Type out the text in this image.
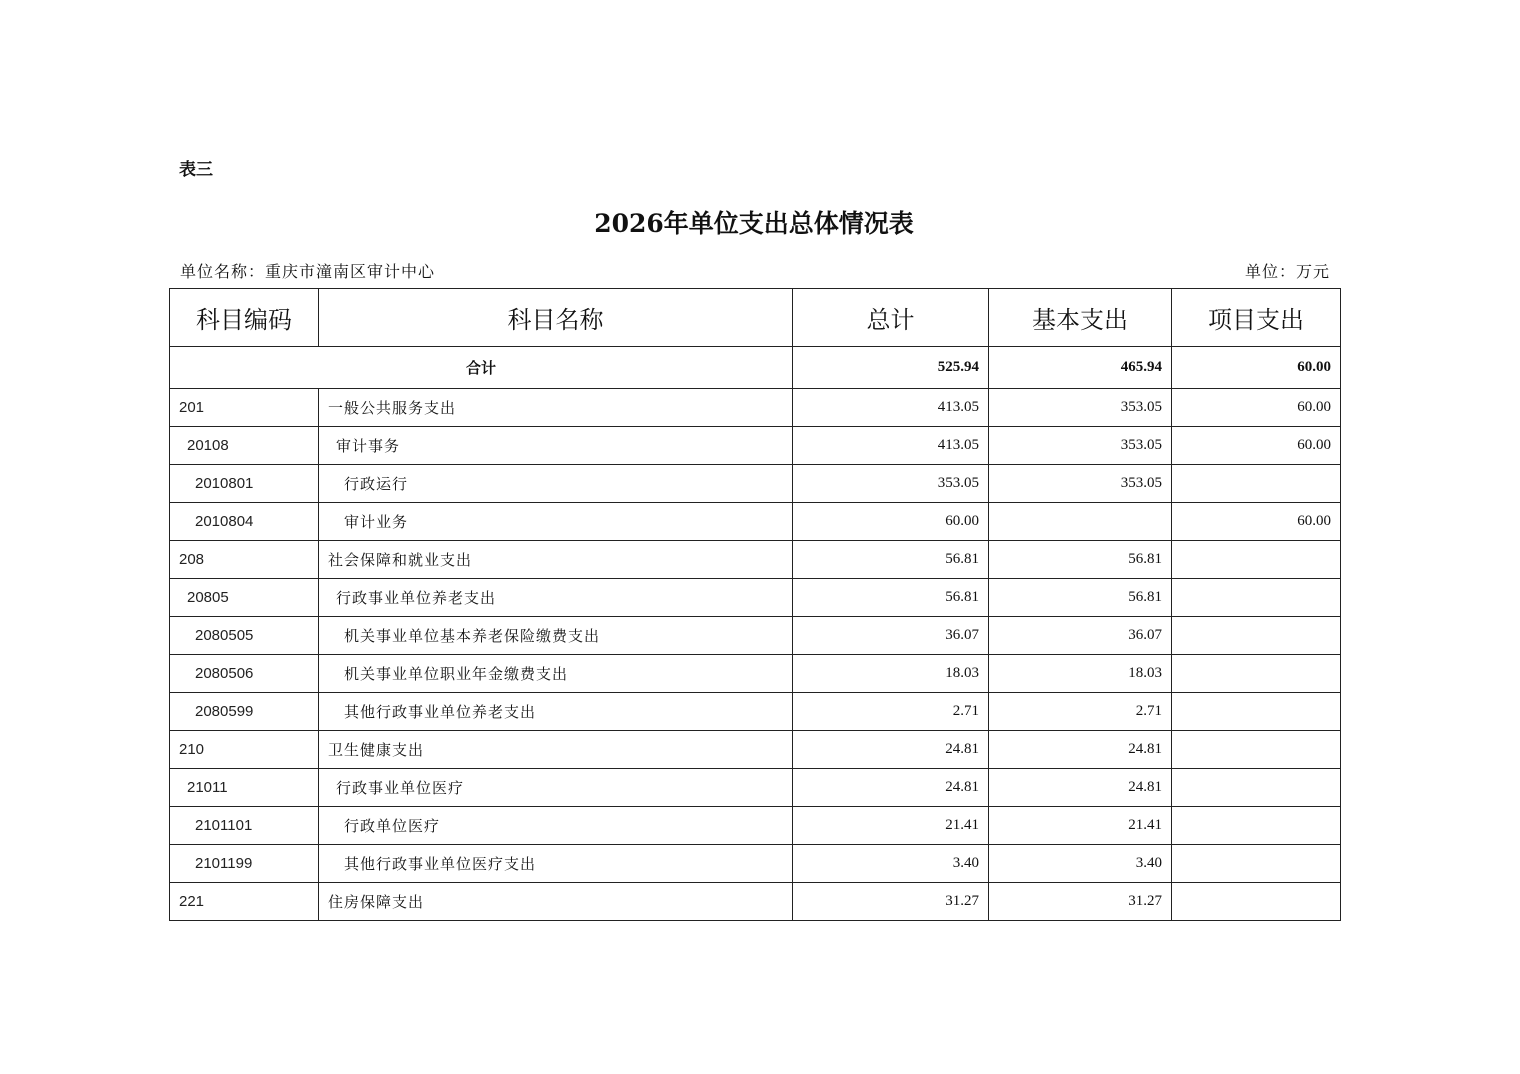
表三
2026年单位支出总体情况表
单位名称：重庆市潼南区审计中心	单位：万元
科目编码	科目名称	总计	基本支出	项目支出
合计		525.94	465.94	60.00
201	一般公共服务支出	413.05	353.05	60.00
20108	审计事务	413.05	353.05	60.00
2010801	行政运行	353.05	353.05	
2010804	审计业务	60.00		60.00
208	社会保障和就业支出	56.81	56.81	
20805	行政事业单位养老支出	56.81	56.81	
2080505	机关事业单位基本养老保险缴费支出	36.07	36.07	
2080506	机关事业单位职业年金缴费支出	18.03	18.03	
2080599	其他行政事业单位养老支出	2.71	2.71	
210	卫生健康支出	24.81	24.81	
21011	行政事业单位医疗	24.81	24.81	
2101101	行政单位医疗	21.41	21.41	
2101199	其他行政事业单位医疗支出	3.40	3.40	
221	住房保障支出	31.27	31.27	
